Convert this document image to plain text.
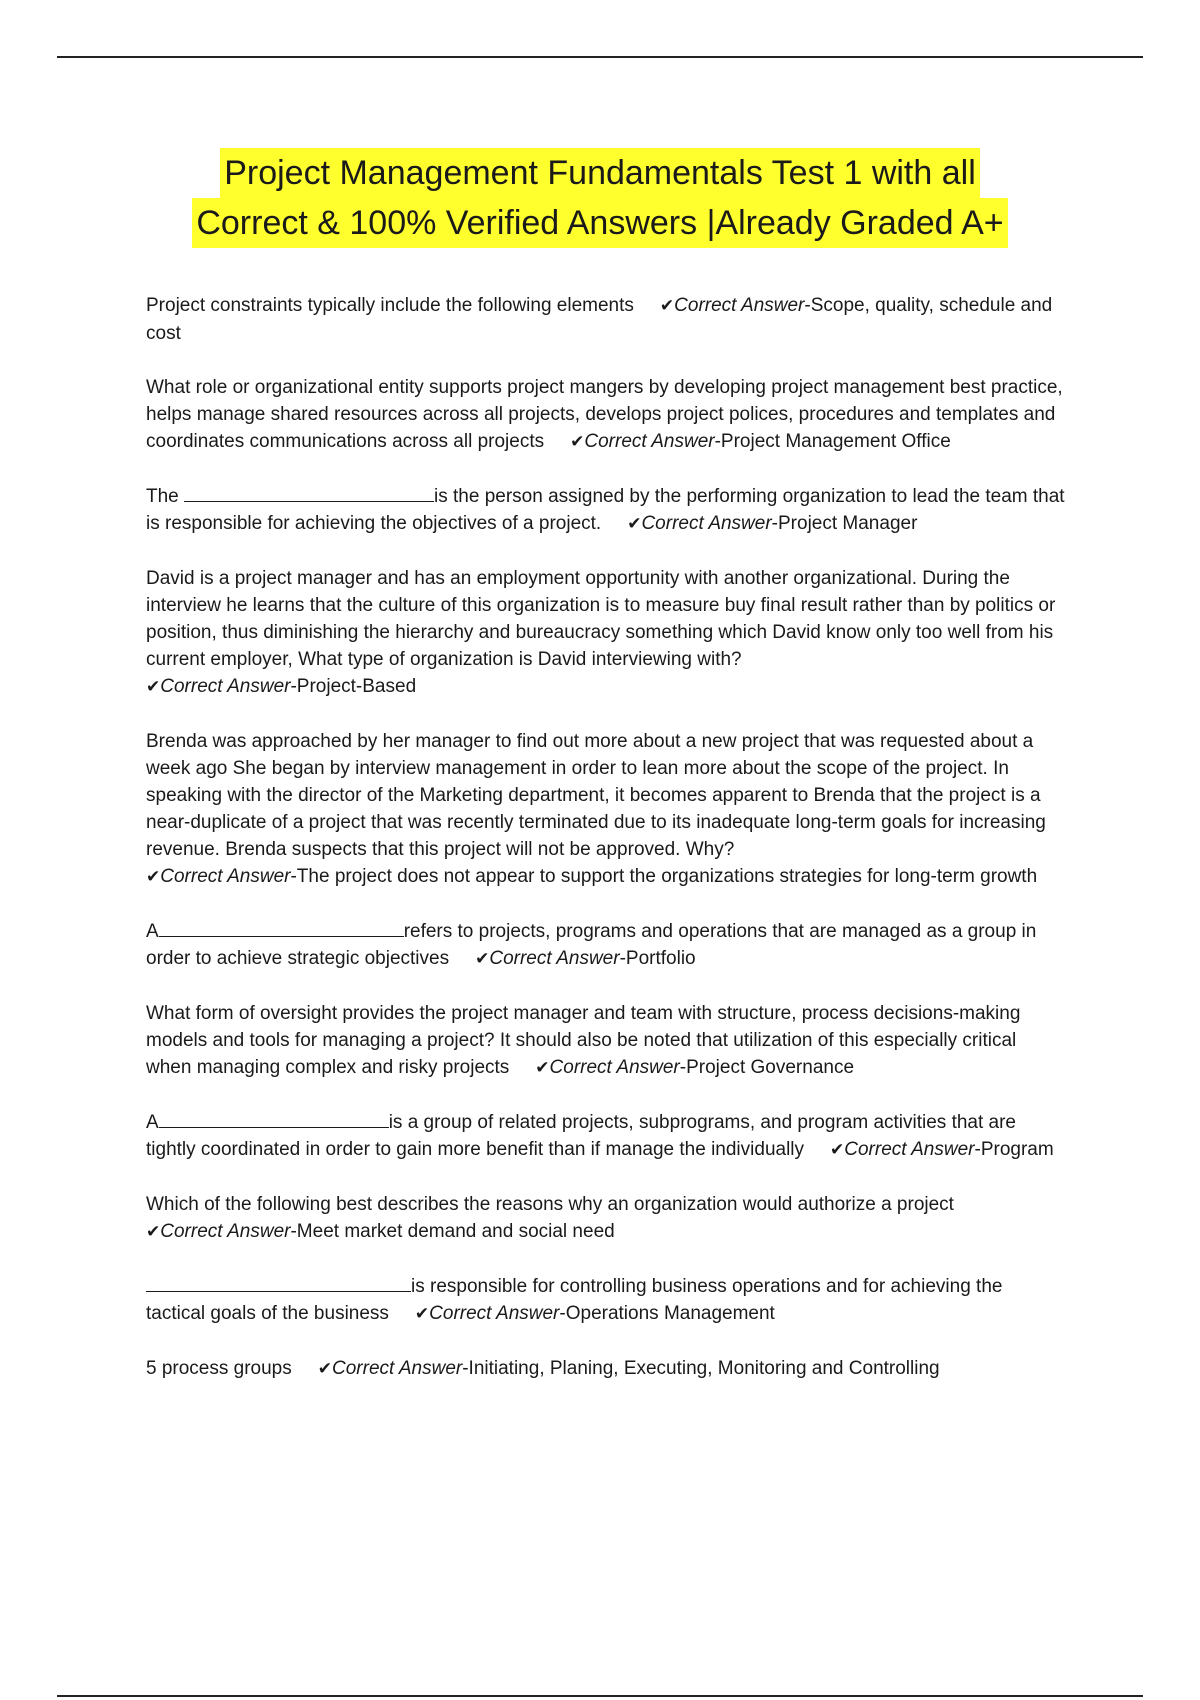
Project Management Fundamentals Test 1 with all
Correct & 100% Verified Answers |Already Graded A+

Project constraints typically include the following elements ✔Correct Answer-Scope, quality, schedule and cost

What role or organizational entity supports project mangers by developing project management best practice, helps manage shared resources across all projects, develops project polices, procedures and templates and coordinates communications across all projects ✔Correct Answer-Project Management Office

The	is the person assigned by the performing organization to lead the team that is responsible for achieving the objectives of a project. ✔Correct Answer-Project Manager

David is a project manager and has an employment opportunity with another organizational. During the interview he learns that the culture of this organization is to measure buy final result rather than by politics or position, thus diminishing the hierarchy and bureaucracy something which David know only too well from his current employer, What type of organization is David interviewing with?
✔Correct Answer-Project-Based

Brenda was approached by her manager to find out more about a new project that was requested about a week ago She began by interview management in order to lean more about the scope of the project. In speaking with the director of the Marketing department, it becomes apparent to Brenda that the project is a near-duplicate of a project that was recently terminated due to its inadequate long-term goals for increasing revenue. Brenda suspects that this project will not be approved. Why?
✔Correct Answer-The project does not appear to support the organizations strategies for long-term growth

A	refers to projects, programs and operations that are managed as a group in order to achieve strategic objectives ✔Correct Answer-Portfolio

What form of oversight provides the project manager and team with structure, process decisions-making models and tools for managing a project? It should also be noted that utilization of this especially critical when managing complex and risky projects ✔Correct Answer-Project Governance

A	is a group of related projects, subprograms, and program activities that are tightly coordinated in order to gain more benefit than if manage the individually ✔Correct Answer-Program

Which of the following best describes the reasons why an organization would authorize a project
✔Correct Answer-Meet market demand and social need

is responsible for controlling business operations and for achieving the tactical goals of the business ✔Correct Answer-Operations Management

5 process groups ✔Correct Answer-Initiating, Planing, Executing, Monitoring and Controlling
